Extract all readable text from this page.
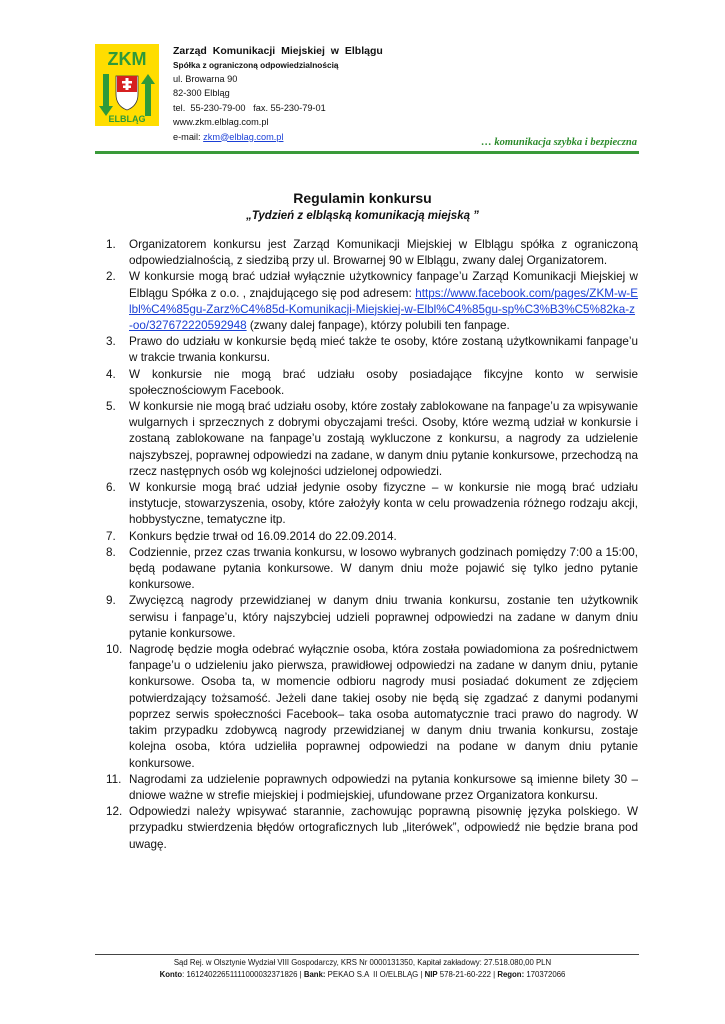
ZKM
ELBLĄG
Zarząd Komunikacji Miejskiej w Elblągu
Spółka z ograniczoną odpowiedzialnością
ul. Browarna 90
82-300 Elbląg
tel.  55-230-79-00   fax. 55-230-79-01
www.zkm.elblag.com.pl
e-mail: zkm@elblag.com.pl
… komunikacja szybka i bezpieczna
Regulamin konkursu
„Tydzień z elbląską komunikacją miejską ”
1. Organizatorem konkursu jest Zarząd Komunikacji Miejskiej w Elblągu spółka z ograniczoną odpowiedzialnością, z siedzibą przy ul. Browarnej 90 w Elblągu, zwany dalej Organizatorem.
2. W konkursie mogą brać udział wyłącznie użytkownicy fanpage’u Zarząd Komunikacji Miejskiej w Elblągu Spółka z o.o. , znajdującego się pod adresem: https://www.facebook.com/pages/ZKM-w-Elbl%C4%85gu-Zarz%C4%85d-Komunikacji-Miejskiej-w-Elbl%C4%85gu-sp%C3%B3%C5%82ka-z-oo/327672220592948 (zwany dalej fanpage), którzy polubili ten fanpage.
3. Prawo do udziału w konkursie będą mieć także te osoby, które zostaną użytkownikami fanpage’u w trakcie trwania konkursu.
4. W konkursie nie mogą brać udziału osoby posiadające fikcyjne konto w serwisie społecznościowym Facebook.
5. W konkursie nie mogą brać udziału osoby, które zostały zablokowane na fanpage’u za wpisywanie wulgarnych i sprzecznych z dobrymi obyczajami treści. Osoby, które wezmą udział w konkursie i zostaną zablokowane na fanpage’u zostają wykluczone z konkursu, a nagrody za udzielenie najszybszej, poprawnej odpowiedzi na zadane, w danym dniu pytanie konkursowe, przechodzą na rzecz następnych osób wg kolejności udzielonej odpowiedzi.
6. W konkursie mogą brać udział jedynie osoby fizyczne – w konkursie nie mogą brać udziału instytucje, stowarzyszenia, osoby, które założyły konta w celu prowadzenia różnego rodzaju akcji, hobbystyczne, tematyczne itp.
7. Konkurs będzie trwał od 16.09.2014 do 22.09.2014.
8. Codziennie, przez czas trwania konkursu, w losowo wybranych godzinach pomiędzy 7:00 a 15:00, będą podawane pytania konkursowe. W danym dniu może pojawić się tylko jedno pytanie konkursowe.
9. Zwycięzcą nagrody przewidzianej w danym dniu trwania konkursu, zostanie ten użytkownik serwisu i fanpage’u, który najszybciej udzieli poprawnej odpowiedzi na zadane w danym dniu pytanie konkursowe.
10. Nagrodę będzie mogła odebrać wyłącznie osoba, która została powiadomiona za pośrednictwem fanpage’u o udzieleniu jako pierwsza, prawidłowej odpowiedzi na zadane w danym dniu, pytanie konkursowe. Osoba ta, w momencie odbioru nagrody musi posiadać dokument ze zdjęciem potwierdzający tożsamość. Jeżeli dane takiej osoby nie będą się zgadzać z danymi podanymi poprzez serwis społeczności Facebook– taka osoba automatycznie traci prawo do nagrody. W takim przypadku zdobywcą nagrody przewidzianej w danym dniu trwania konkursu, zostaje kolejna osoba, która udzieliła poprawnej odpowiedzi na podane w danym dniu pytanie konkursowe.
11. Nagrodami za udzielenie poprawnych odpowiedzi na pytania konkursowe są imienne bilety 30 – dniowe ważne w strefie miejskiej i podmiejskiej, ufundowane przez Organizatora konkursu.
12. Odpowiedzi należy wpisywać starannie, zachowując poprawną pisownię języka polskiego. W przypadku stwierdzenia błędów ortograficznych lub „literówek”, odpowiedź nie będzie brana pod uwagę.
Sąd Rej. w Olsztynie Wydział VIII Gospodarczy, KRS Nr 0000131350, Kapitał zakładowy: 27.518.080,00 PLN
Konto: 16124022651111000032371826 | Bank: PEKAO S.A  II O/ELBLĄG | NIP 578-21-60-222 | Regon: 170372066
